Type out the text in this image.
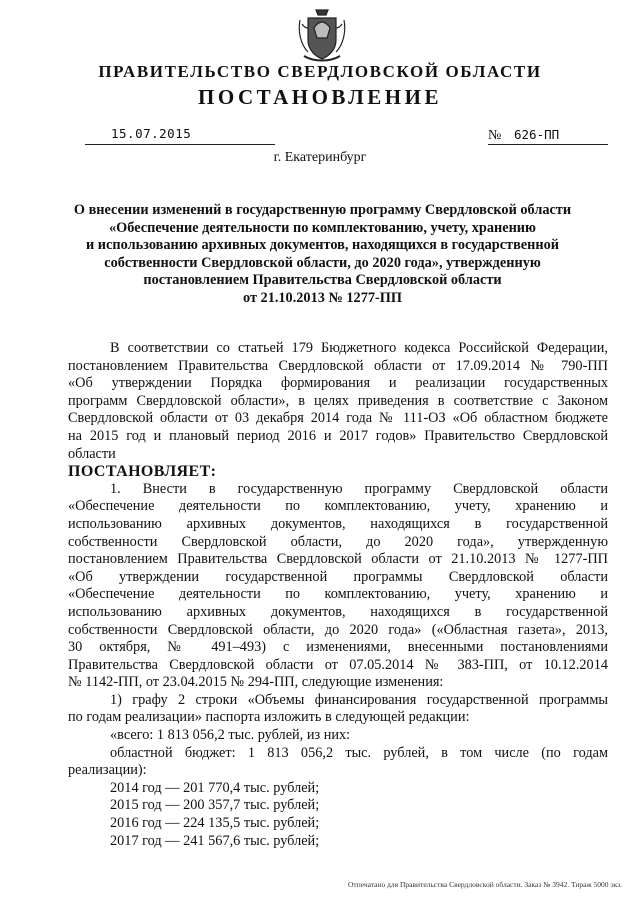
ПРАВИТЕЛЬСТВО СВЕРДЛОВСКОЙ ОБЛАСТИ
ПОСТАНОВЛЕНИЕ
15.07.2015	№ 626-ПП
г. Екатеринбург
О внесении изменений в государственную программу Свердловской области
«Обеспечение деятельности по комплектованию, учету, хранению
и использованию архивных документов, находящихся в государственной
собственности Свердловской области, до 2020 года», утвержденную
постановлением Правительства Свердловской области
от 21.10.2013 № 1277-ПП
В соответствии со статьей 179 Бюджетного кодекса Российской Федерации,
постановлением Правительства Свердловской области от 17.09.2014 № 790-ПП
«Об утверждении Порядка формирования и реализации государственных
программ Свердловской области», в целях приведения в соответствие с Законом
Свердловской области от 03 декабря 2014 года № 111-ОЗ «Об областном бюджете
на 2015 год и плановый период 2016 и 2017 годов» Правительство Свердловской
области
ПОСТАНОВЛЯЕТ:
1. Внести в государственную программу Свердловской области
«Обеспечение деятельности по комплектованию, учету, хранению и
использованию архивных документов, находящихся в государственной
собственности Свердловской области, до 2020 года», утвержденную
постановлением Правительства Свердловской области от 21.10.2013 № 1277-ПП
«Об утверждении государственной программы Свердловской области
«Обеспечение деятельности по комплектованию, учету, хранению и
использованию архивных документов, находящихся в государственной
собственности Свердловской области, до 2020 года» («Областная газета», 2013,
30 октября, № 491–493) с изменениями, внесенными постановлениями
Правительства Свердловской области от 07.05.2014 № 383-ПП, от 10.12.2014
№ 1142-ПП, от 23.04.2015 № 294-ПП, следующие изменения:
1) графу 2 строки «Объемы финансирования государственной программы
по годам реализации» паспорта изложить в следующей редакции:
«всего: 1 813 056,2 тыс. рублей, из них:
областной бюджет: 1 813 056,2 тыс. рублей, в том числе (по годам
реализации):
2014 год — 201 770,4 тыс. рублей;
2015 год — 200 357,7 тыс. рублей;
2016 год — 224 135,5 тыс. рублей;
2017 год — 241 567,6 тыс. рублей;
Отпечатано для Правительства Свердловской области. Заказ № 3942. Тираж 5000 экз.
